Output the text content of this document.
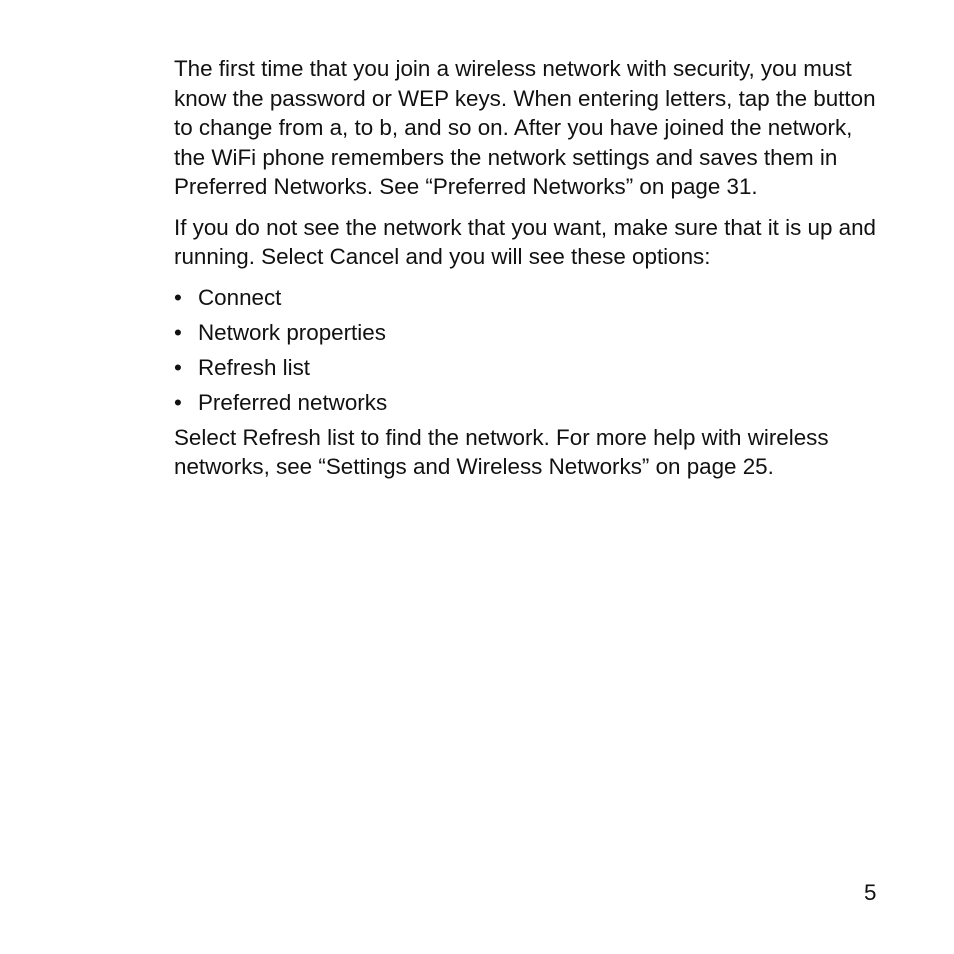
The first time that you join a wireless network with security, you must know the password or WEP keys. When entering letters, tap the button to change from a, to b, and so on. After you have joined the network, the WiFi phone remembers the network settings and saves them in Preferred Networks. See “Preferred Networks” on page 31.

If you do not see the network that you want, make sure that it is up and running. Select Cancel and you will see these options:

• Connect
• Network properties
• Refresh list
• Preferred networks

Select Refresh list to find the network. For more help with wireless networks, see “Settings and Wireless Networks” on page 25.

5
